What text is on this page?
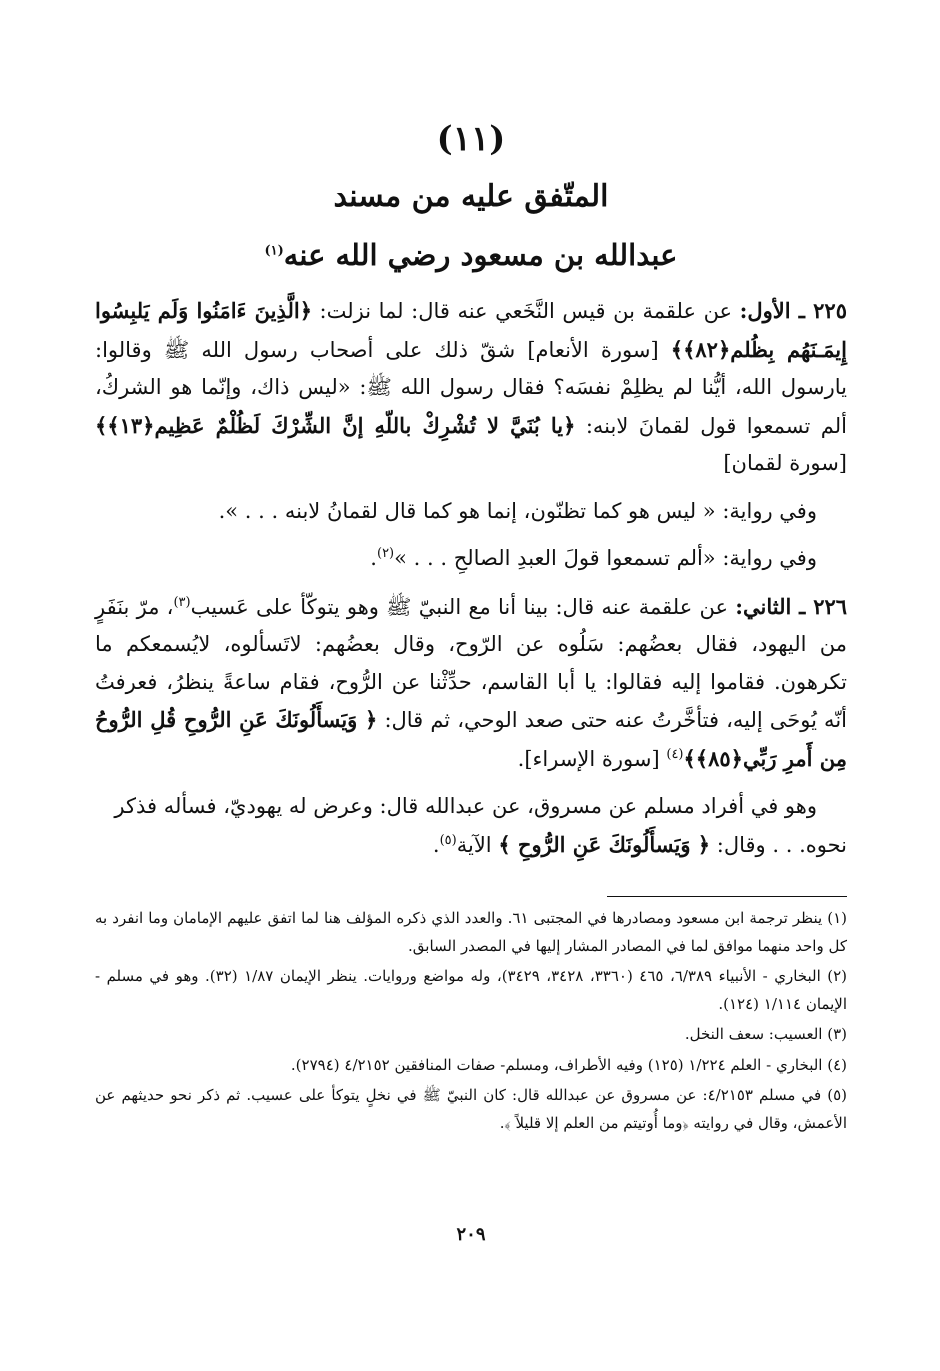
(١١)
المتّفق عليه من مسند
عبدالله بن مسعود رضي الله عنه$^{(١)}$

٢٢٥ ـ الأول: عن علقمة بن قيس النَّخَعي عنه قال: لما نزلت: ﴿الَّذِينَ ءَامَنُوا وَلَم يَلبِسُوا إِيمَـنَهُم بِظُلم﴿٨٢﴾﴾ [سورة الأنعام] شقّ ذلك على أصحاب رسول الله ﷺ وقالوا: يارسول الله، أيُّنا لم يظلِمْ نفسَه؟ فقال رسول الله ﷺ: «ليس ذاك، وإنّما هو الشركُ، ألم تسمعوا قول لقمانَ لابنه: ﴿يا بُنَيَّ لا تُشْرِكْ باللّهِ إنَّ الشِّرْكَ لَظُلْمٌ عَظِيم﴿١٣﴾﴾ [سورة لقمان]

وفي رواية: « ليس هو كما تظنّون، إنما هو كما قال لقمانُ لابنه . . . ».

وفي رواية: «ألم تسمعوا قولَ العبدِ الصالحِ . . . »$^{(٢)}$.

٢٢٦ ـ الثاني: عن علقمة عنه قال: بينا أنا مع النبيّ ﷺ وهو يتوكّأ على عَسيب$^{(٣)}$، مرّ بنَفَرٍ من اليهود، فقال بعضُهم: سَلُوه عن الرّوح، وقال بعضُهم: لاتَسألوه، لايُسمعكم ما تكرهون. فقاموا إليه فقالوا: يا أبا القاسم، حدِّثْنا عن الرُّوح، فقام ساعةً ينظرُ، فعرفتُ أنّه يُوحَى إليه، فتأخَّرتُ عنه حتى صعد الوحي، ثم قال: ﴿ وَيَسأَلُونَكَ عَنِ الرُّوحِ قُلِ الرُّوحُ مِن أَمرِ رَبِّي﴿٨٥﴾﴾$^{(٤)}$ [سورة الإسراء].

وهو في أفراد مسلم عن مسروق، عن عبدالله قال: وعرض له يهوديّ، فسأله فذكر نحوه. . . وقال: ﴿ وَيَسأَلُونَكَ عَنِ الرُّوحِ ﴾ الآية$^{(٥)}$.

(١) ينظر ترجمة ابن مسعود ومصادرها في المجتبى ٦١. والعدد الذي ذكره المؤلف هنا لما اتفق عليهم الإمامان وما انفرد به كل واحد منهما موافق لما في المصادر المشار إليها في المصدر السابق.

(٢) البخاري - الأنبياء ٦/٣٨٩، ٤٦٥ (٣٣٦٠، ٣٤٢٨، ٣٤٢٩)، وله مواضع وروايات. ينظر الإيمان ١/٨٧ (٣٢). وهو في مسلم - الإيمان ١/١١٤ (١٢٤).

(٣) العسيب: سعف النخل.

(٤) البخاري - العلم ١/٢٢٤ (١٢٥) وفيه الأطراف، ومسلم- صفات المنافقين ٤/٢١٥٢ (٢٧٩٤).

(٥) في مسلم ٤/٢١٥٣: عن مسروق عن عبدالله قال: كان النبيّ ﷺ في نخلٍ يتوكأ على عسيب. ثم ذكر نحو حديثهم عن الأعمش، وقال في روايته ﴿وما أُوتيتم من العلم إلا قليلاً ﴾.

٢٠٩
